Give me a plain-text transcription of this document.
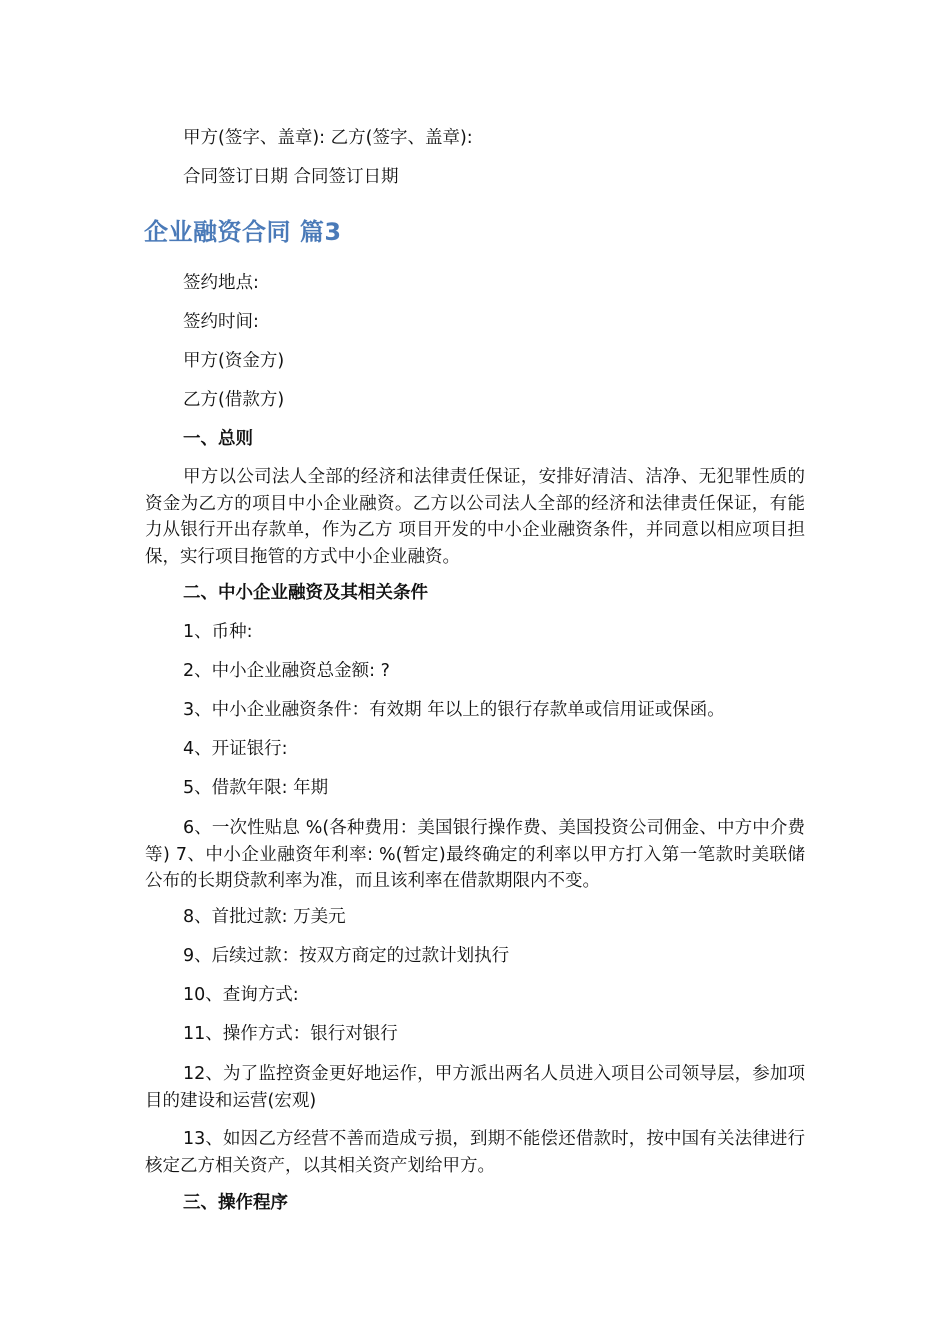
甲方(签字、盖章): 乙方(签字、盖章):
合同签订日期 合同签订日期
企业融资合同 篇3
签约地点:
签约时间:
甲方(资金方)
乙方(借款方)
一、总则
甲方以公司法人全部的经济和法律责任保证，安排好清洁、洁净、无犯罪性质的资金为乙方的项目中小企业融资。乙方以公司法人全部的经济和法律责任保证，有能力从银行开出存款单，作为乙方 项目开发的中小企业融资条件，并同意以相应项目担保，实行项目拖管的方式中小企业融资。
二、中小企业融资及其相关条件
1、币种:
2、中小企业融资总金额: ?
3、中小企业融资条件：有效期 年以上的银行存款单或信用证或保函。
4、开证银行:
5、借款年限: 年期
6、一次性贴息 %(各种费用：美国银行操作费、美国投资公司佣金、中方中介费等) 7、中小企业融资年利率: %(暂定)最终确定的利率以甲方打入第一笔款时美联储公布的长期贷款利率为准，而且该利率在借款期限内不变。
8、首批过款: 万美元
9、后续过款：按双方商定的过款计划执行
10、查询方式:
11、操作方式：银行对银行
12、为了监控资金更好地运作，甲方派出两名人员进入项目公司领导层，参加项目的建设和运营(宏观)
13、如因乙方经营不善而造成亏损，到期不能偿还借款时，按中国有关法律进行核定乙方相关资产，以其相关资产划给甲方。
三、操作程序
